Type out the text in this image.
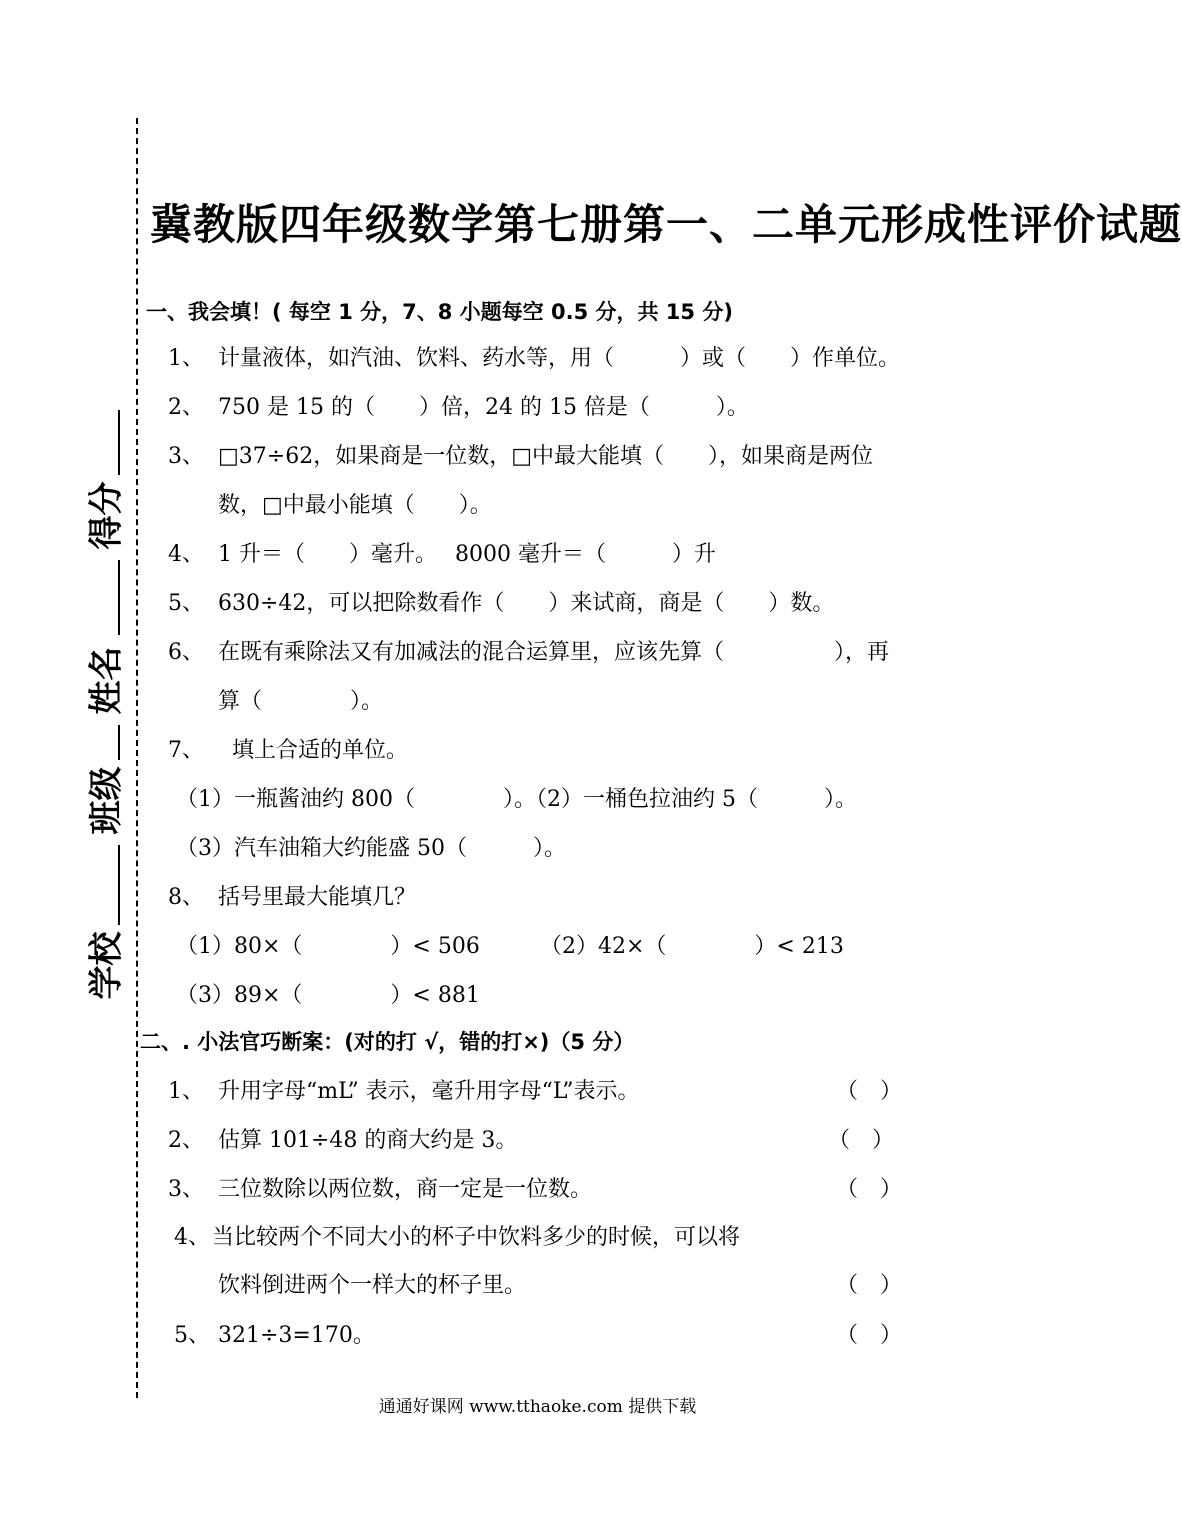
得分
姓名
班级
学校
冀教版四年级数学第七册第一、二单元形成性评价试题
一、我会填！( 每空 1 分，7、8 小题每空 0.5 分，共 15 分)
1、 计量液体，如汽油、饮料、药水等，用（　　　）或（　　）作单位。
2、 750 是 15 的（　　）倍，24 的 15 倍是（　　　）。
3、 □37÷62，如果商是一位数，□中最大能填（　　），如果商是两位
数，□中最小能填（　　）。
4、 1 升＝（　　）毫升。　 8000 毫升＝（　　　）升
5、 630÷42，可以把除数看作（　　）来试商，商是（　　）数。
6、 在既有乘除法又有加减法的混合运算里，应该先算（　　　　　），再
算（　　　　）。
7、 填上合适的单位。
（1）一瓶酱油约 800（　　　　）。（2）一桶色拉油约 5（　　　）。
（3）汽车油箱大约能盛 50（　　　）。
8、 括号里最大能填几？
（1）80×（　　　　）< 506	（2）42×（　　　　）< 213
（3）89×（　　　　）< 881
二、. 小法官巧断案：(对的打 √，错的打×)（5 分）
1、 升用字母“mL” 表示，毫升用字母“L”表示。	（　）
2、 估算 101÷48 的商大约是 3。	（　）
3、 三位数除以两位数，商一定是一位数。	（　）
4、 当比较两个不同大小的杯子中饮料多少的时候，可以将
饮料倒进两个一样大的杯子里。	（　）
5、 321÷3=170。	（　）
通通好课网 www.tthaoke.com 提供下载
